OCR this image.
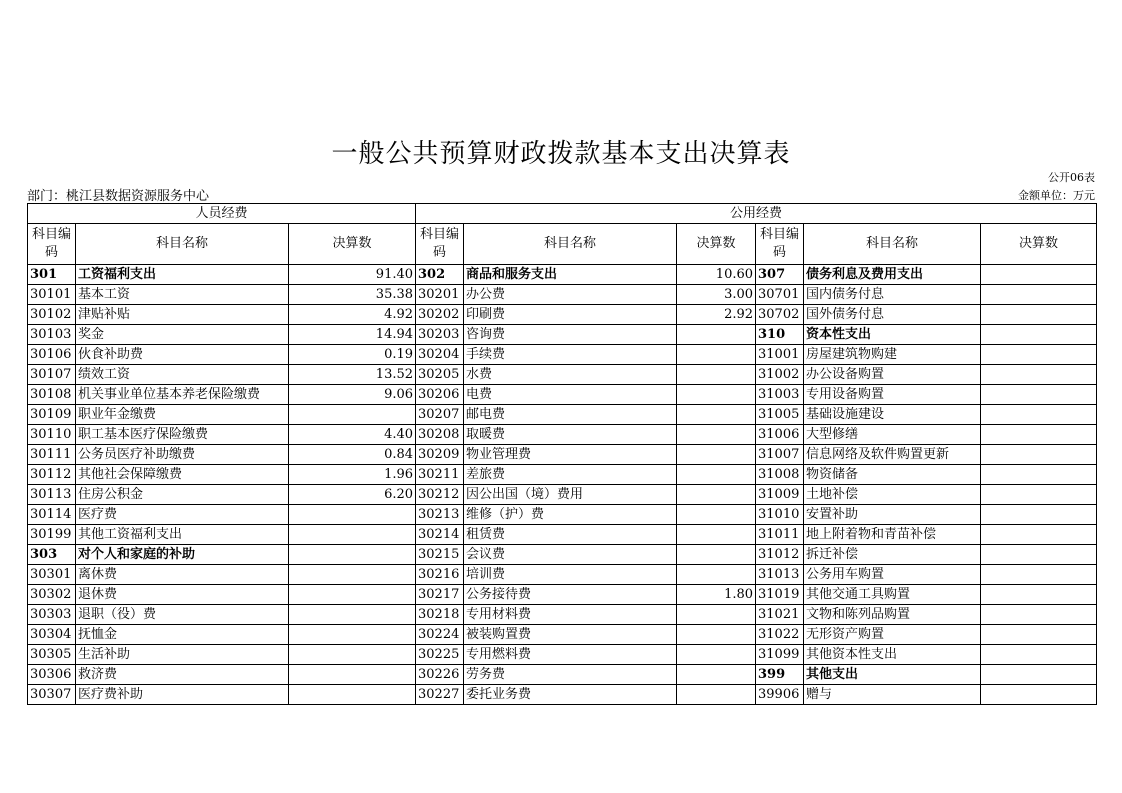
一般公共预算财政拨款基本支出决算表
公开06表
部门：桃江县数据资源服务中心	金额单位：万元
人员经费			公用经费					
科目编码	科目名称	决算数	科目编码	科目名称	决算数	科目编码	科目名称	决算数
301	工资福利支出	91.40	302	商品和服务支出	10.60	307	债务利息及费用支出	
30101	基本工资	35.38	30201	办公费	3.00	30701	国内债务付息	
30102	津贴补贴	4.92	30202	印刷费	2.92	30702	国外债务付息	
30103	奖金	14.94	30203	咨询费		310	资本性支出	
30106	伙食补助费	0.19	30204	手续费		31001	房屋建筑物购建	
30107	绩效工资	13.52	30205	水费		31002	办公设备购置	
30108	机关事业单位基本养老保险缴费	9.06	30206	电费		31003	专用设备购置	
30109	职业年金缴费		30207	邮电费		31005	基础设施建设	
30110	职工基本医疗保险缴费	4.40	30208	取暖费		31006	大型修缮	
30111	公务员医疗补助缴费	0.84	30209	物业管理费		31007	信息网络及软件购置更新	
30112	其他社会保障缴费	1.96	30211	差旅费		31008	物资储备	
30113	住房公积金	6.20	30212	因公出国（境）费用		31009	土地补偿	
30114	医疗费		30213	维修（护）费		31010	安置补助	
30199	其他工资福利支出		30214	租赁费		31011	地上附着物和青苗补偿	
303	对个人和家庭的补助		30215	会议费		31012	拆迁补偿	
30301	离休费		30216	培训费		31013	公务用车购置	
30302	退休费		30217	公务接待费	1.80	31019	其他交通工具购置	
30303	退职（役）费		30218	专用材料费		31021	文物和陈列品购置	
30304	抚恤金		30224	被装购置费		31022	无形资产购置	
30305	生活补助		30225	专用燃料费		31099	其他资本性支出	
30306	救济费		30226	劳务费		399	其他支出	
30307	医疗费补助		30227	委托业务费		39906	赠与	
